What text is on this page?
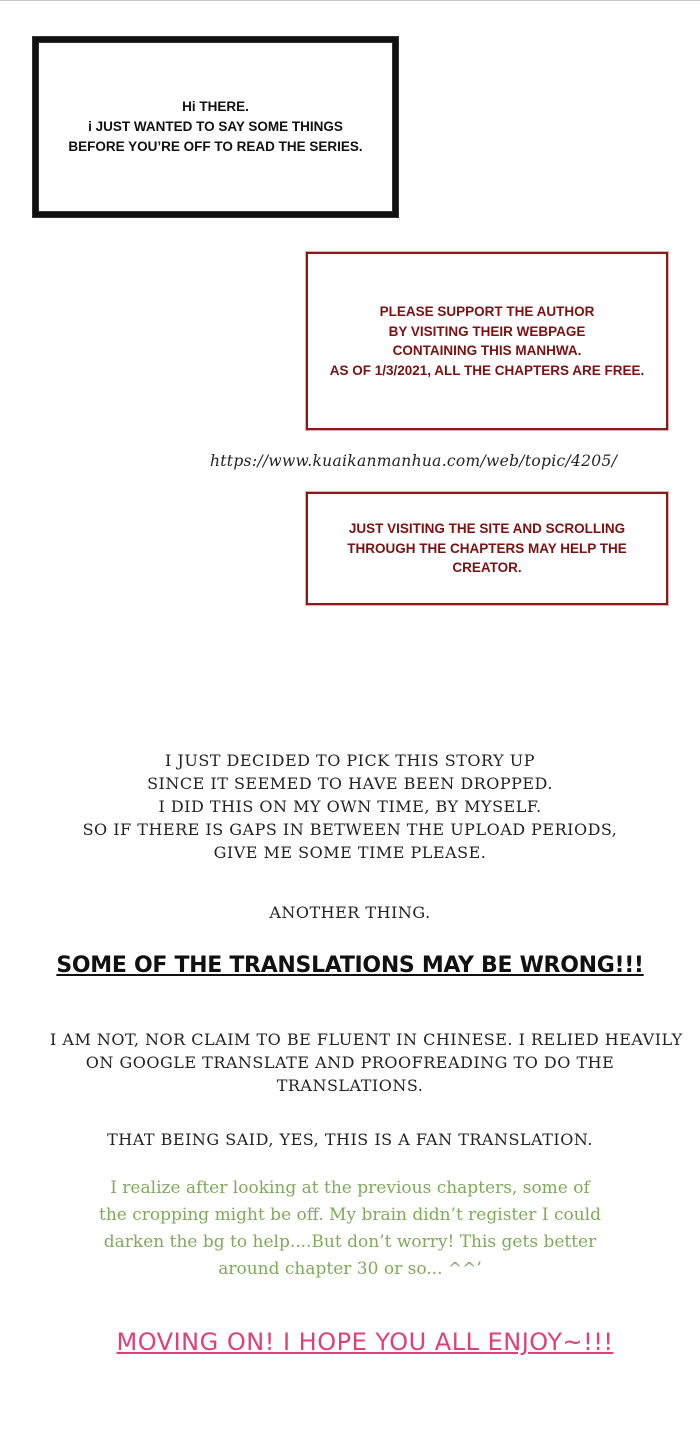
Hi THERE.
i JUST WANTED TO SAY SOME THINGS
BEFORE YOU’RE OFF TO READ THE SERIES.
PLEASE SUPPORT THE AUTHOR
BY VISITING THEIR WEBPAGE
CONTAINING THIS MANHWA.
AS OF 1/3/2021, ALL THE CHAPTERS ARE FREE.
https://www.kuaikanmanhua.com/web/topic/4205/
JUST VISITING THE SITE AND SCROLLING
THROUGH THE CHAPTERS MAY HELP THE
CREATOR.
I JUST DECIDED TO PICK THIS STORY UP
SINCE IT SEEMED TO HAVE BEEN DROPPED.
I DID THIS ON MY OWN TIME, BY MYSELF.
SO IF THERE IS GAPS IN BETWEEN THE UPLOAD PERIODS,
GIVE ME SOME TIME PLEASE.
ANOTHER THING.
SOME OF THE TRANSLATIONS MAY BE WRONG!!!
I AM NOT, NOR CLAIM TO BE FLUENT IN CHINESE. I RELIED HEAVILY
ON GOOGLE TRANSLATE AND PROOFREADING TO DO THE
TRANSLATIONS.
THAT BEING SAID, YES, THIS IS A FAN TRANSLATION.
I realize after looking at the previous chapters, some of
the cropping might be off. My brain didn’t register I could
darken the bg to help....But don’t worry! This gets better
around chapter 30 or so... ^^’
MOVING ON! I HOPE YOU ALL ENJOY~!!!
